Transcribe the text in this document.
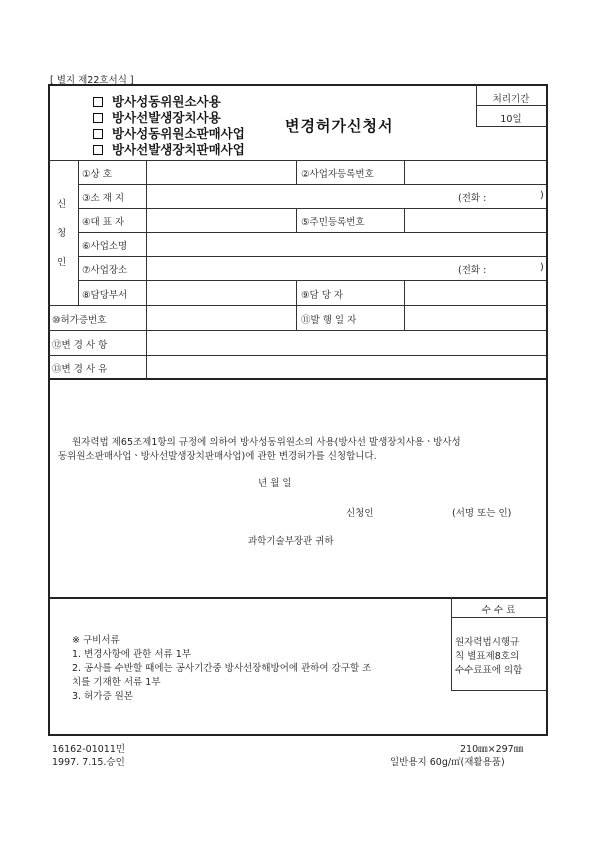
[ 별지 제22호서식 ]
방사성동위원소사용
방사선발생장치사용
방사성동위원소판매사업
방사선발생장치판매사업
변경허가신청서
처리기간
10일
신
청
인
①상 호	②사업자등록번호
③소 재 지	(전화 :	)
④대 표 자	⑤주민등록번호
⑥사업소명
⑦사업장소	(전화 :	)
⑧담당부서	⑨담 당 자
⑩허가증번호	⑪발 행 일 자
⑫변 경 사 항
⑬변 경 사 유
원자력법 제65조제1항의 규정에 의하여 방사성동위원소의 사용(방사선 발생장치사용ㆍ방사성
동위원소판매사업ㆍ방사선발생장치판매사업)에 관한 변경허가를 신청합니다.
년 월 일
신청인	(서명 또는 인)
과학기술부장관 귀하
※ 구비서류
1. 변경사항에 관한 서류 1부
2. 공사를 수반할 때에는 공사기간중 방사선장해방어에 관하여 강구할 조
치를 기재한 서류 1부
3. 허가증 원본
수 수 료
원자력법시행규
칙 별표제8호의
수수료표에 의함
16162-01011민
1997. 7.15.승인
210㎜×297㎜
일반용지 60g/㎡(재활용품)
